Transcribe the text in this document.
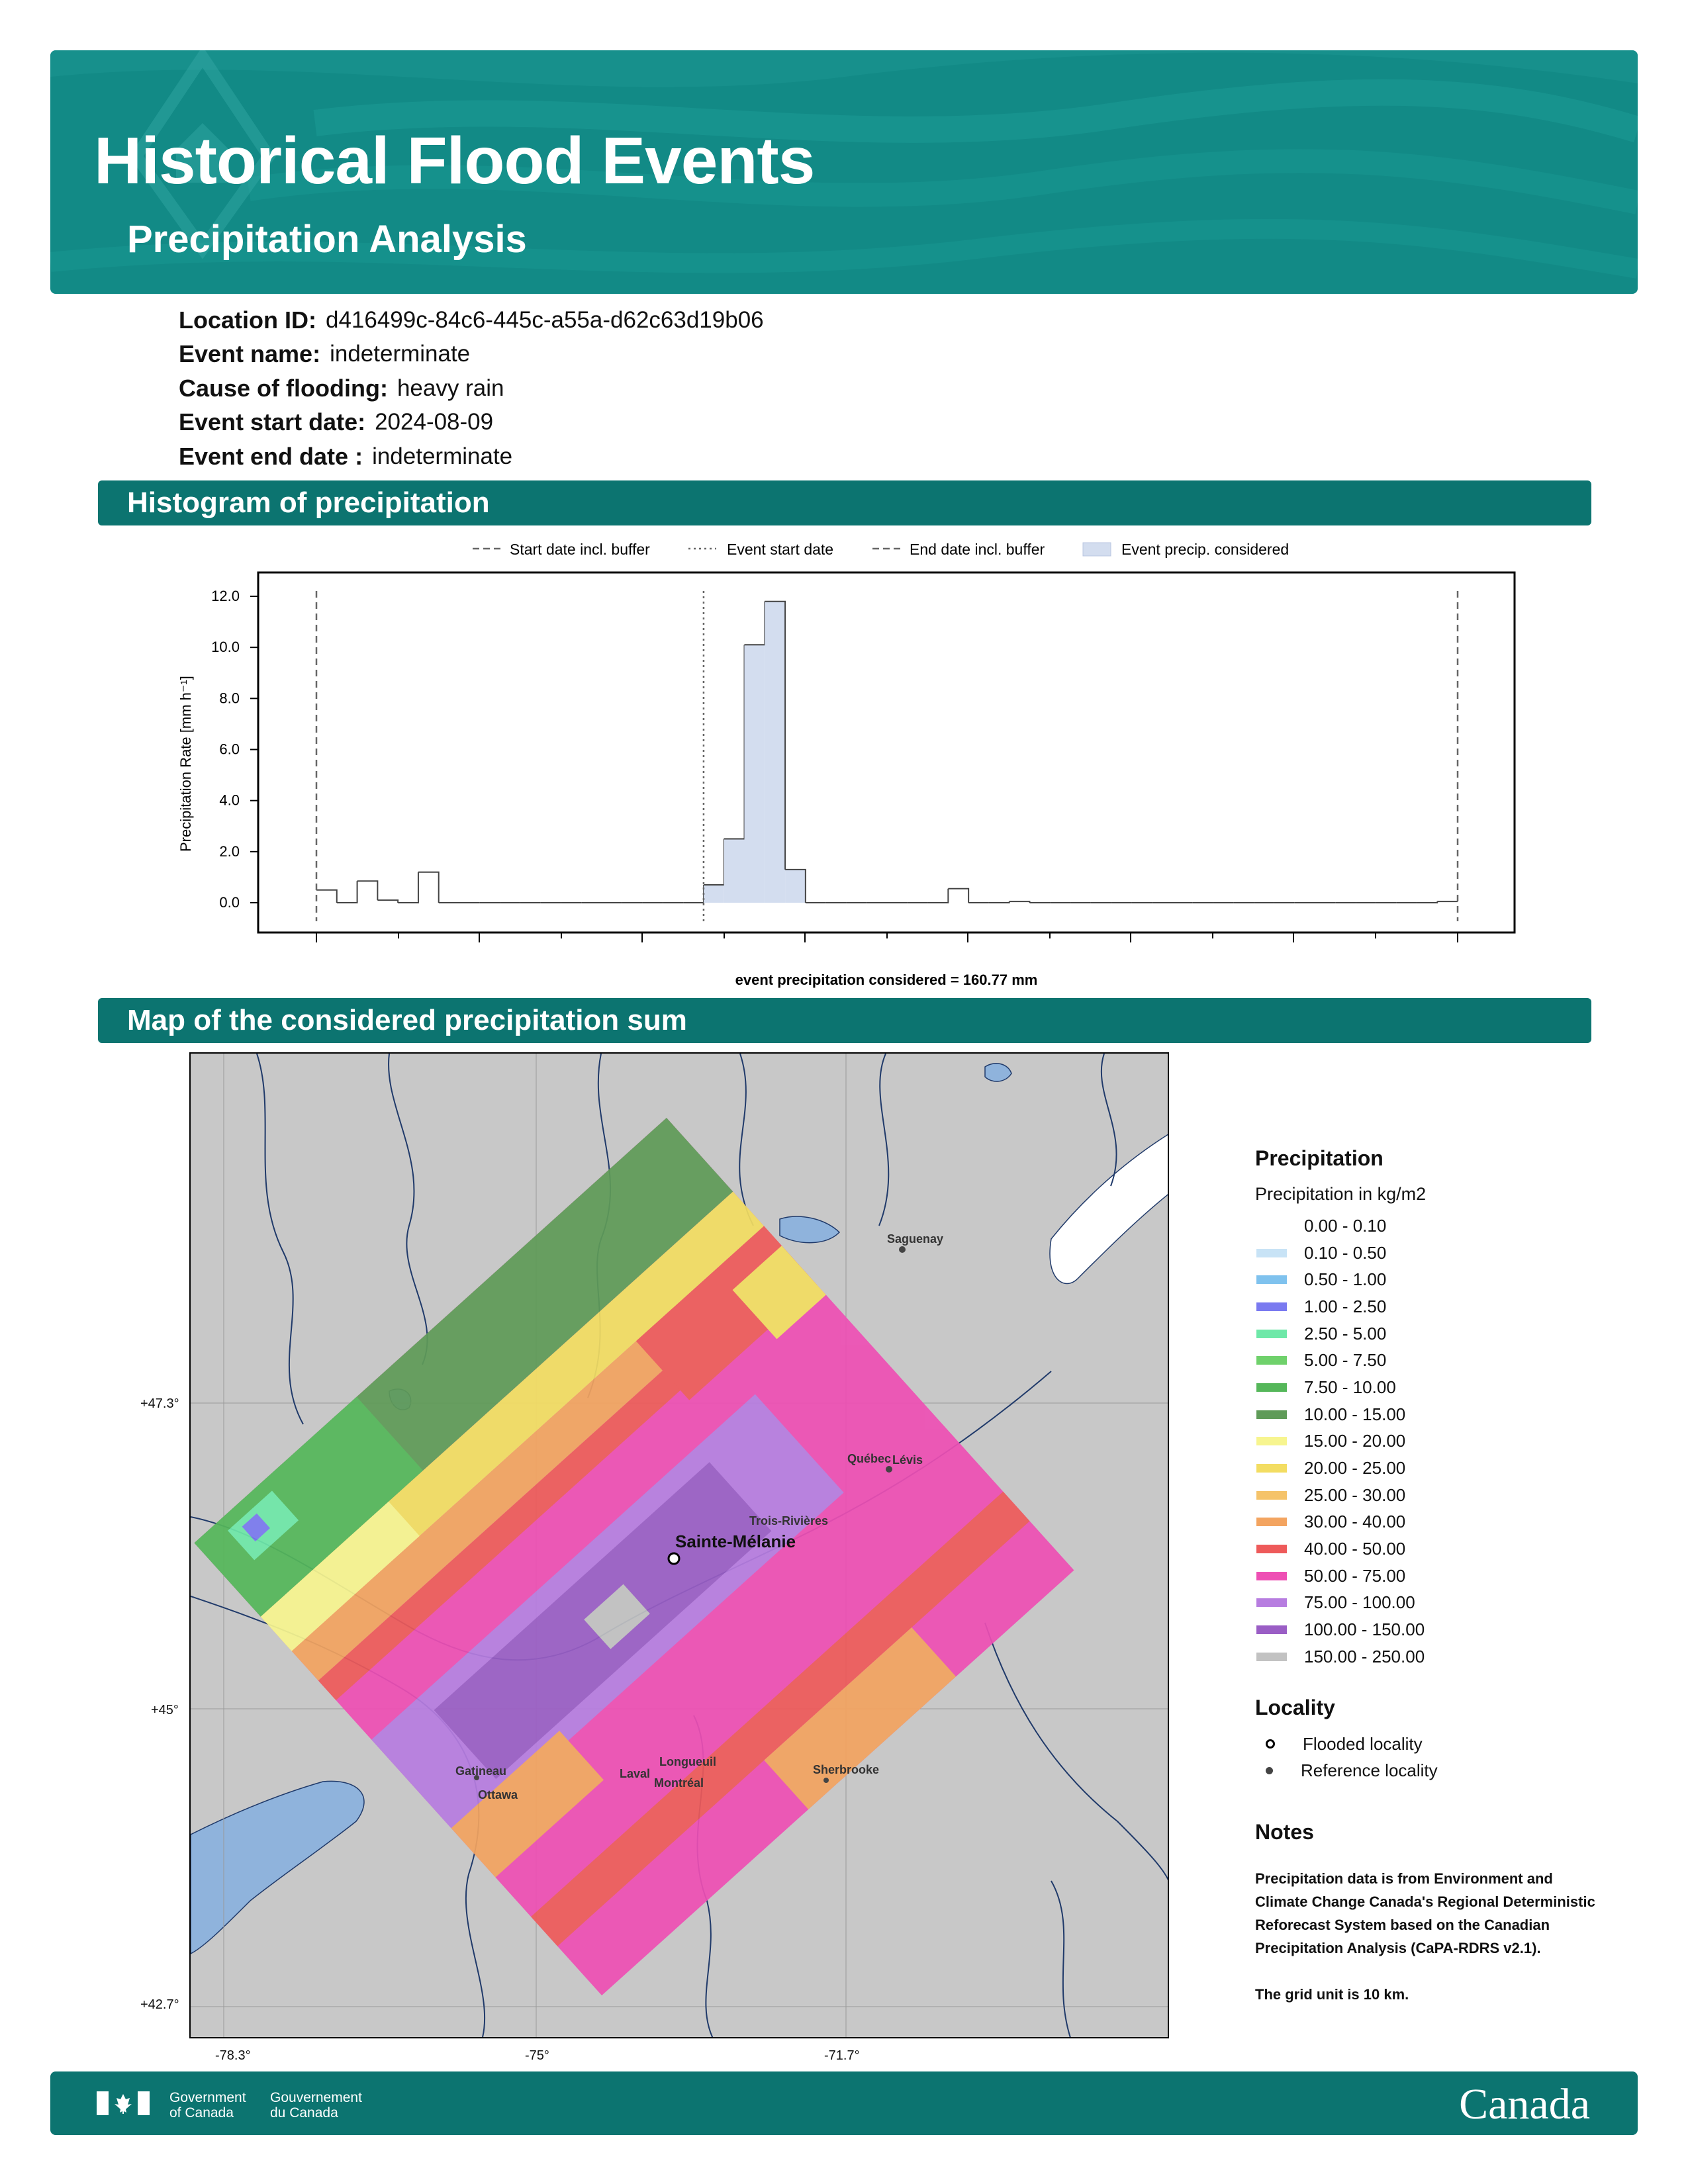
Historical Flood Events
Precipitation Analysis
Location ID: d416499c-84c6-445c-a55a-d62c63d19b06
Event name: indeterminate
Cause of flooding: heavy rain
Event start date: 2024-08-09
Event end date : indeterminate
Histogram of precipitation
Start date incl. buffer	Event start date	End date incl. buffer	Event precip. considered
0.0
2.0
4.0
6.0
8.0
10.0
12.0
Precipitation Rate [mm h⁻¹]
event precipitation considered = 160.77 mm
Map of the considered precipitation sum
Saguenay
Québec Lévis
Trois-Rivières
Gatineau
Ottawa
Laval
Longueuil
Montréal
Sherbrooke
Sainte-Mélanie
+47.3°
+45°
+42.7°
-78.3°	-75°	-71.7°
Precipitation
Precipitation in kg/m2
0.00 - 0.10
0.10 - 0.50
0.50 - 1.00
1.00 - 2.50
2.50 - 5.00
5.00 - 7.50
7.50 - 10.00
10.00 - 15.00
15.00 - 20.00
20.00 - 25.00
25.00 - 30.00
30.00 - 40.00
40.00 - 50.00
50.00 - 75.00
75.00 - 100.00
100.00 - 150.00
150.00 - 250.00
Locality
Flooded locality
Reference locality
Notes

Precipitation data is from Environment and Climate Change Canada's Regional Deterministic Reforecast System based on the Canadian Precipitation Analysis (CaPA-RDRS v2.1).

The grid unit is 10 km.

Government
of Canada
Gouvernement
du Canada	Canada
